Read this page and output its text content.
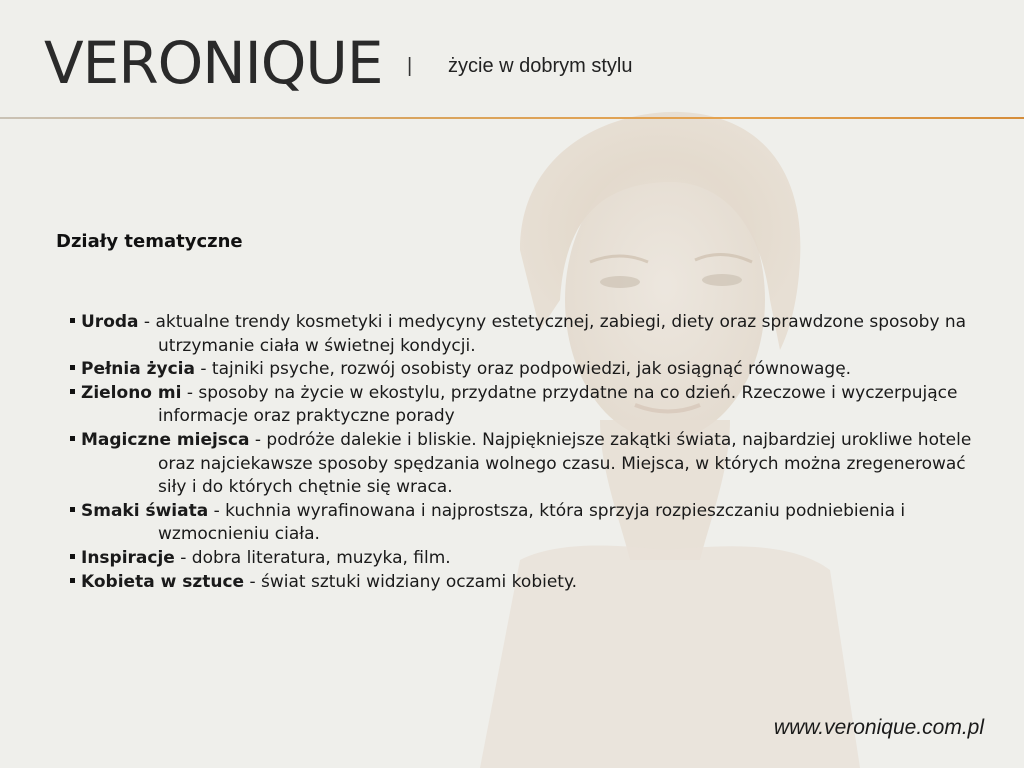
VERONIQUE | życie w dobrym stylu
Działy tematyczne
Uroda - aktualne trendy kosmetyki i medycyny estetycznej, zabiegi, diety oraz sprawdzone sposoby na utrzymanie ciała w świetnej kondycji.
Pełnia życia - tajniki psyche, rozwój osobisty oraz podpowiedzi, jak osiągnąć równowagę.
Zielono mi - sposoby na życie w ekostylu, przydatne przydatne na co dzień. Rzeczowe i wyczerpujące informacje oraz praktyczne porady
Magiczne miejsca - podróże dalekie i bliskie. Najpiękniejsze zakątki świata, najbardziej urokliwe hotele oraz najciekawsze sposoby spędzania wolnego czasu. Miejsca, w których można zregenerować siły i do których chętnie się wraca.
Smaki świata - kuchnia wyrafinowana i najprostsza, która sprzyja rozpieszczaniu podniebienia i wzmocnieniu ciała.
Inspiracje - dobra literatura, muzyka, film.
Kobieta w sztuce - świat sztuki widziany oczami kobiety.
www.veronique.com.pl
